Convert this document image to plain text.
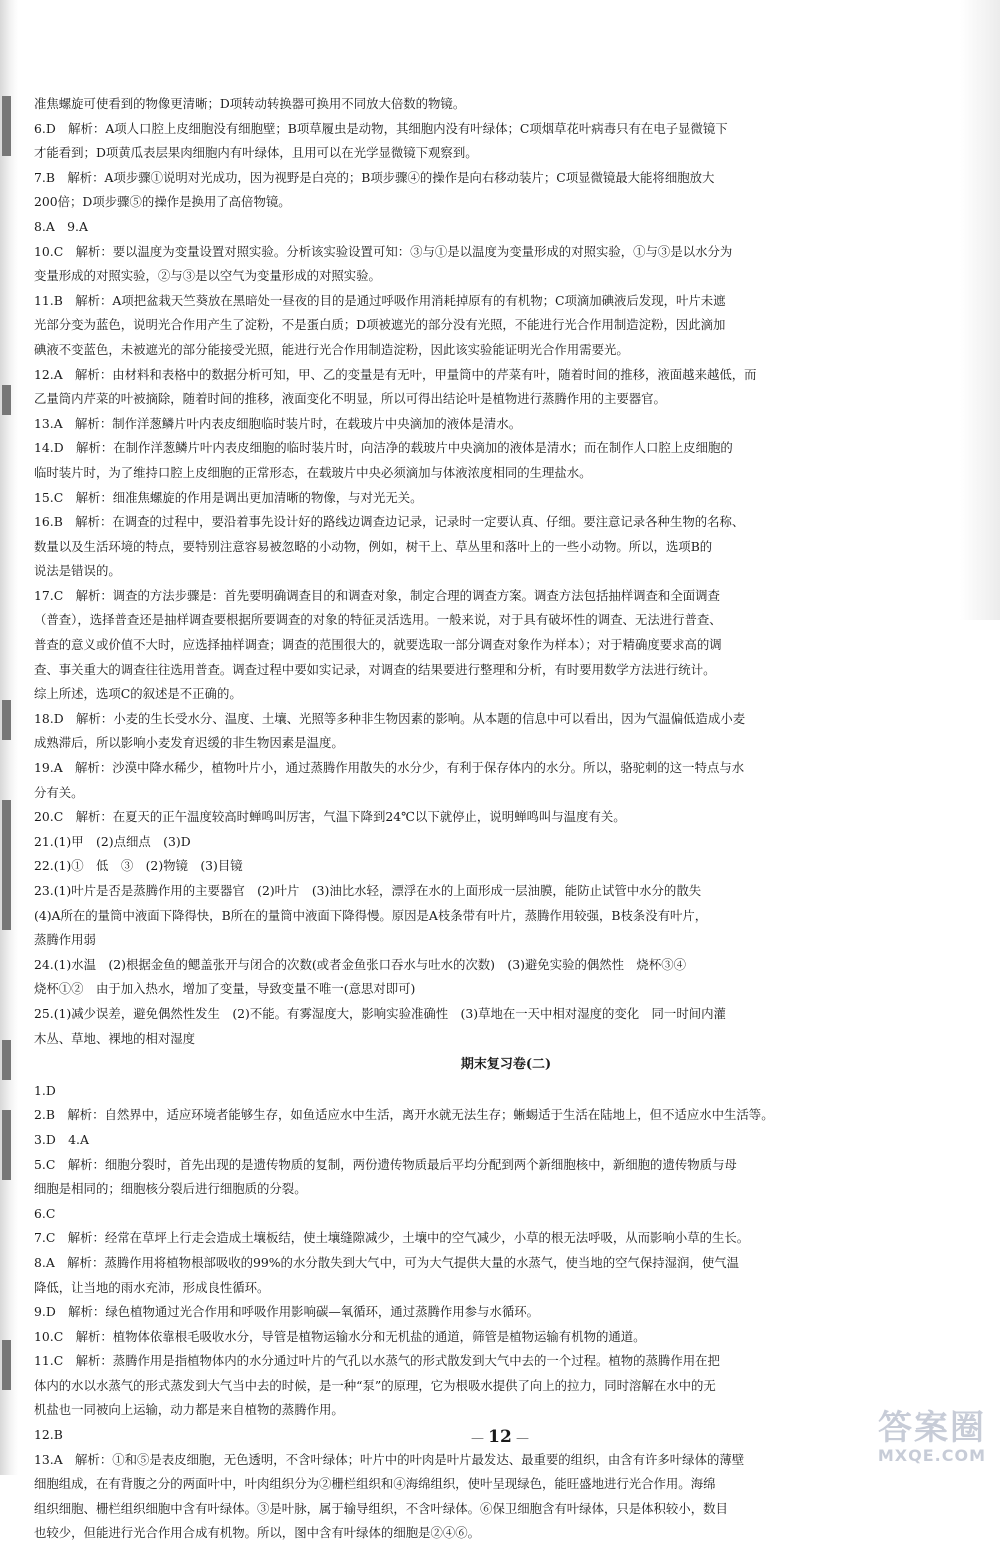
准焦螺旋可使看到的物像更清晰；D项转动转换器可换用不同放大倍数的物镜。
6.D　解析：A项人口腔上皮细胞没有细胞壁；B项草履虫是动物，其细胞内没有叶绿体；C项烟草花叶病毒只有在电子显微镜下
才能看到；D项黄瓜表层果肉细胞内有叶绿体，且用可以在光学显微镜下观察到。
7.B　解析：A项步骤①说明对光成功，因为视野是白亮的；B项步骤④的操作是向右移动装片；C项显微镜最大能将细胞放大
200倍；D项步骤⑤的操作是换用了高倍物镜。
8.A　9.A
10.C　解析：要以温度为变量设置对照实验。分析该实验设置可知：③与①是以温度为变量形成的对照实验，①与③是以水分为
变量形成的对照实验，②与③是以空气为变量形成的对照实验。
11.B　解析：A项把盆栽天竺葵放在黑暗处一昼夜的目的是通过呼吸作用消耗掉原有的有机物；C项滴加碘液后发现，叶片未遮
光部分变为蓝色，说明光合作用产生了淀粉，不是蛋白质；D项被遮光的部分没有光照，不能进行光合作用制造淀粉，因此滴加
碘液不变蓝色，未被遮光的部分能接受光照，能进行光合作用制造淀粉，因此该实验能证明光合作用需要光。
12.A　解析：由材料和表格中的数据分析可知，甲、乙的变量是有无叶，甲量筒中的芹菜有叶，随着时间的推移，液面越来越低，而
乙量筒内芹菜的叶被摘除，随着时间的推移，液面变化不明显，所以可得出结论叶是植物进行蒸腾作用的主要器官。
13.A　解析：制作洋葱鳞片叶内表皮细胞临时装片时，在载玻片中央滴加的液体是清水。
14.D　解析：在制作洋葱鳞片叶内表皮细胞的临时装片时，向洁净的载玻片中央滴加的液体是清水；而在制作人口腔上皮细胞的
临时装片时，为了维持口腔上皮细胞的正常形态，在载玻片中央必须滴加与体液浓度相同的生理盐水。
15.C　解析：细准焦螺旋的作用是调出更加清晰的物像，与对光无关。
16.B　解析：在调查的过程中，要沿着事先设计好的路线边调查边记录，记录时一定要认真、仔细。要注意记录各种生物的名称、
数量以及生活环境的特点，要特别注意容易被忽略的小动物，例如，树干上、草丛里和落叶上的一些小动物。所以，选项B的
说法是错误的。
17.C　解析：调查的方法步骤是：首先要明确调查目的和调查对象，制定合理的调查方案。调查方法包括抽样调查和全面调查
（普查），选择普查还是抽样调查要根据所要调查的对象的特征灵活选用。一般来说，对于具有破坏性的调查、无法进行普查、
普查的意义或价值不大时，应选择抽样调查；调查的范围很大的，就要选取一部分调查对象作为样本）；对于精确度要求高的调
查、事关重大的调查往往选用普查。调查过程中要如实记录，对调查的结果要进行整理和分析，有时要用数学方法进行统计。
综上所述，选项C的叙述是不正确的。
18.D　解析：小麦的生长受水分、温度、土壤、光照等多种非生物因素的影响。从本题的信息中可以看出，因为气温偏低造成小麦
成熟滞后，所以影响小麦发育迟缓的非生物因素是温度。
19.A　解析：沙漠中降水稀少，植物叶片小，通过蒸腾作用散失的水分少，有利于保存体内的水分。所以，骆驼刺的这一特点与水
分有关。
20.C　解析：在夏天的正午温度较高时蝉鸣叫厉害，气温下降到24℃以下就停止，说明蝉鸣叫与温度有关。
21.(1)甲　(2)点细点　(3)D
22.(1)①　低　③　(2)物镜　(3)目镜
23.(1)叶片是否是蒸腾作用的主要器官　(2)叶片　(3)油比水轻，漂浮在水的上面形成一层油膜，能防止试管中水分的散失
(4)A所在的量筒中液面下降得快，B所在的量筒中液面下降得慢。原因是A枝条带有叶片，蒸腾作用较强，B枝条没有叶片，
蒸腾作用弱
24.(1)水温　(2)根据金鱼的鳃盖张开与闭合的次数(或者金鱼张口吞水与吐水的次数)　(3)避免实验的偶然性　烧杯③④
烧杯①②　由于加入热水，增加了变量，导致变量不唯一(意思对即可)
25.(1)减少误差，避免偶然性发生　(2)不能。有雾湿度大，影响实验准确性　(3)草地在一天中相对湿度的变化　同一时间内灌
木丛、草地、裸地的相对湿度
期末复习卷(二)
1.D
2.B　解析：自然界中，适应环境者能够生存，如鱼适应水中生活，离开水就无法生存；蜥蜴适于生活在陆地上，但不适应水中生活等。
3.D　4.A
5.C　解析：细胞分裂时，首先出现的是遗传物质的复制，两份遗传物质最后平均分配到两个新细胞核中，新细胞的遗传物质与母
细胞是相同的；细胞核分裂后进行细胞质的分裂。
6.C
7.C　解析：经常在草坪上行走会造成土壤板结，使土壤缝隙减少，土壤中的空气减少，小草的根无法呼吸，从而影响小草的生长。
8.A　解析：蒸腾作用将植物根部吸收的99%的水分散失到大气中，可为大气提供大量的水蒸气，使当地的空气保持湿润，使气温
降低，让当地的雨水充沛，形成良性循环。
9.D　解析：绿色植物通过光合作用和呼吸作用影响碳—氧循环，通过蒸腾作用参与水循环。
10.C　解析：植物体依靠根毛吸收水分，导管是植物运输水分和无机盐的通道，筛管是植物运输有机物的通道。
11.C　解析：蒸腾作用是指植物体内的水分通过叶片的气孔以水蒸气的形式散发到大气中去的一个过程。植物的蒸腾作用在把
体内的水以水蒸气的形式蒸发到大气当中去的时候，是一种“泵”的原理，它为根吸水提供了向上的拉力，同时溶解在水中的无
机盐也一同被向上运输，动力都是来自植物的蒸腾作用。
12.B
13.A　解析：①和⑤是表皮细胞，无色透明，不含叶绿体；叶片中的叶肉是叶片最发达、最重要的组织，由含有许多叶绿体的薄壁
细胞组成，在有背腹之分的两面叶中，叶肉组织分为②栅栏组织和④海绵组织，使叶呈现绿色，能旺盛地进行光合作用。海绵
组织细胞、栅栏组织细胞中含有叶绿体。③是叶脉，属于输导组织，不含叶绿体。⑥保卫细胞含有叶绿体，只是体积较小，数目
也较少，但能进行光合作用合成有机物。所以，图中含有叶绿体的细胞是②④⑥。
— 12 —	答案圈
MXQE.COM
